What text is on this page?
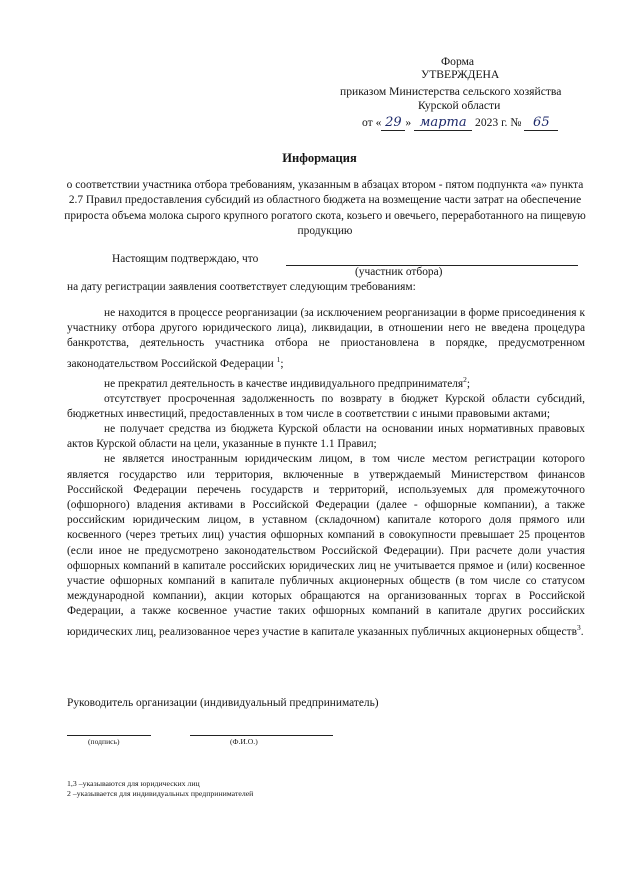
Форма
УТВЕРЖДЕНА
приказом Министерства сельского хозяйства
Курской области
от « 29 » марта 2023 г. № 65
Информация
о соответствии участника отбора требованиям, указанным в абзацах втором - пятом подпункта «а» пункта 2.7 Правил предоставления субсидий из областного бюджета на возмещение части затрат на обеспечение прироста объема молока сырого крупного рогатого скота, козьего и овечьего, переработанного на пищевую продукцию
Настоящим подтверждаю, что
(участник отбора)
на дату регистрации заявления соответствует следующим требованиям:

не находится в процессе реорганизации (за исключением реорганизации в форме присоединения к участнику отбора другого юридического лица), ликвидации, в отношении него не введена процедура банкротства, деятельность участника отбора не приостановлена в порядке, предусмотренном законодательством Российской Федерации $^1$;

не прекратил деятельность в качестве индивидуального предпринимателя$^2$;

отсутствует просроченная задолженность по возврату в бюджет Курской области субсидий, бюджетных инвестиций, предоставленных в том числе в соответствии с иными правовыми актами;

не получает средства из бюджета Курской области на основании иных нормативных правовых актов Курской области на цели, указанные в пункте 1.1 Правил;

не является иностранным юридическим лицом, в том числе местом регистрации которого является государство или территория, включенные в утверждаемый Министерством финансов Российской Федерации перечень государств и территорий, используемых для промежуточного (офшорного) владения активами в Российской Федерации (далее - офшорные компании), а также российским юридическим лицом, в уставном (складочном) капитале которого доля прямого или косвенного (через третьих лиц) участия офшорных компаний в совокупности превышает 25 процентов (если иное не предусмотрено законодательством Российской Федерации). При расчете доли участия офшорных компаний в капитале российских юридических лиц не учитывается прямое и (или) косвенное участие офшорных компаний в капитале публичных акционерных обществ (в том числе со статусом международной компании), акции которых обращаются на организованных торгах в Российской Федерации, а также косвенное участие таких офшорных компаний в капитале других российских юридических лиц, реализованное через участие в капитале указанных публичных акционерных обществ$^3$.

Руководитель организации (индивидуальный предприниматель)
(подпись)	(Ф.И.О.)
1,3 –указываются для юридических лиц
2 –указывается для индивидуальных предпринимателей
